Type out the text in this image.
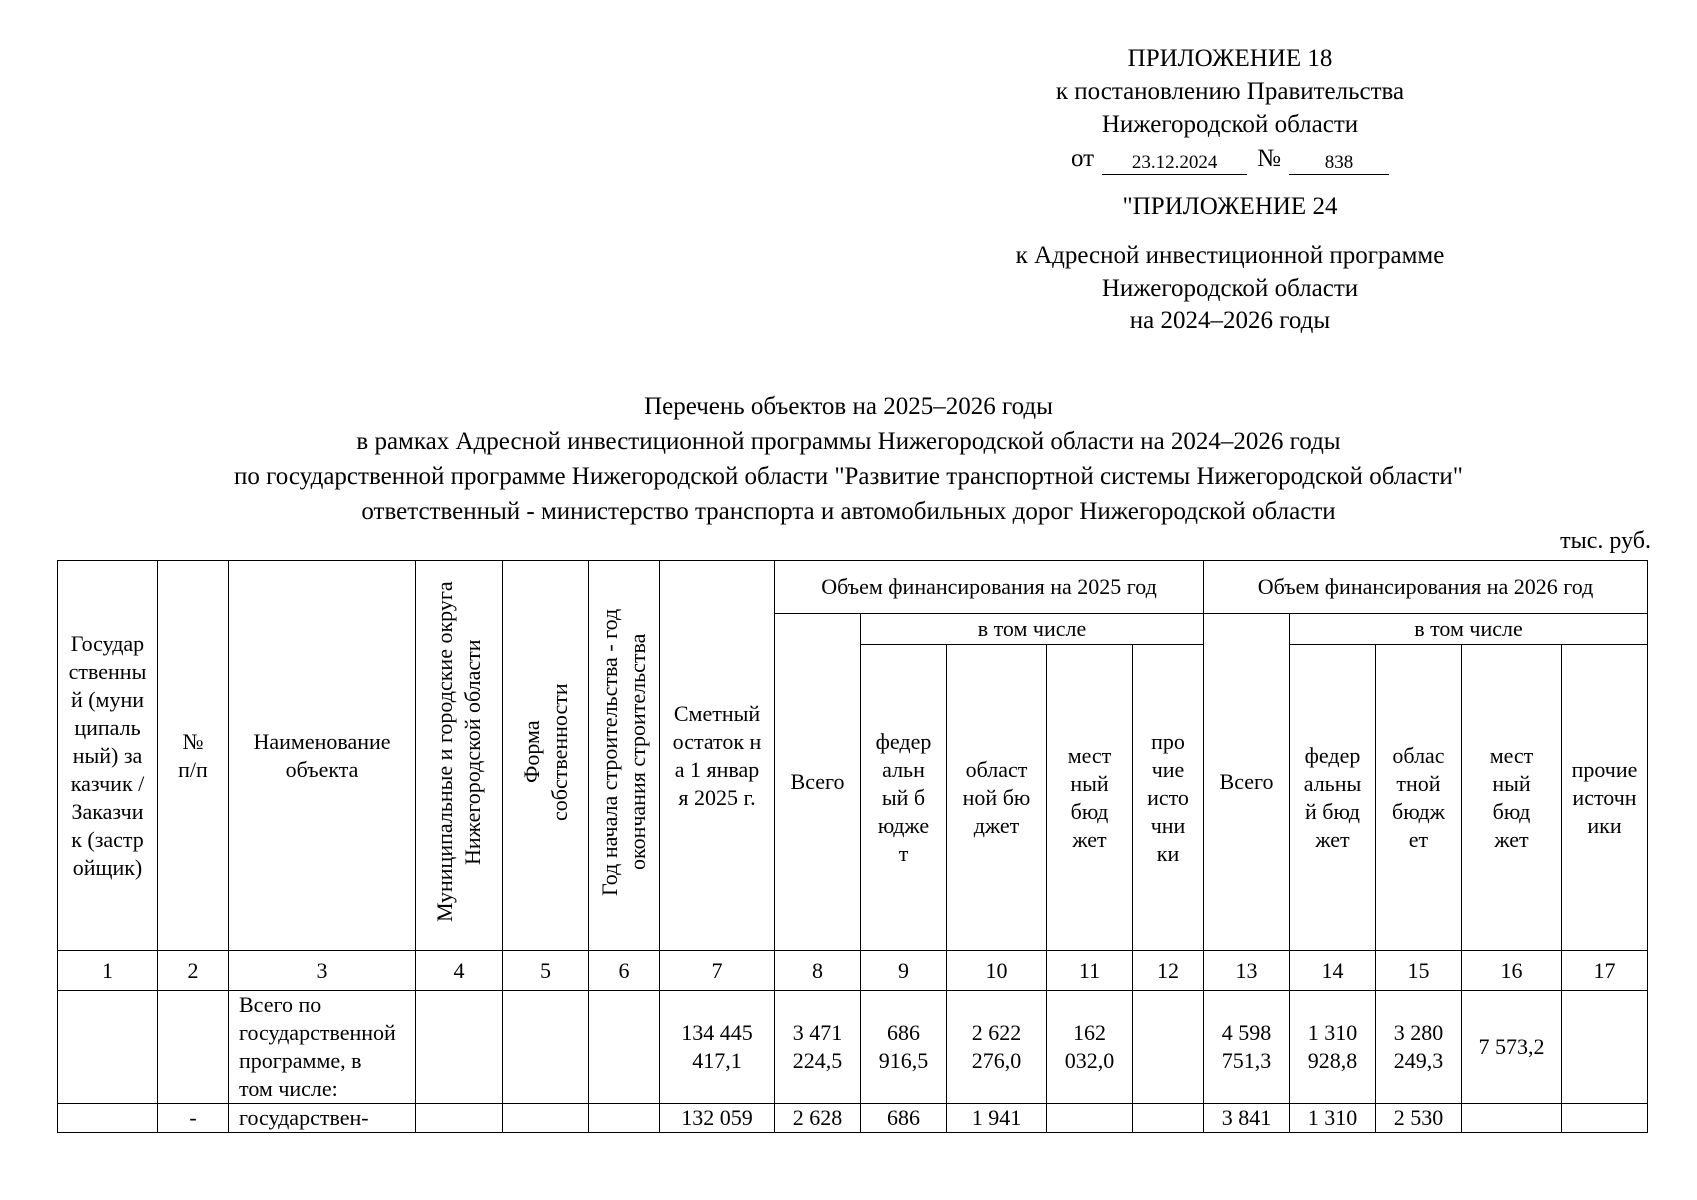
ПРИЛОЖЕНИЕ 18
к постановлению Правительства
Нижегородской области
от	23.12.2024	№	838
"ПРИЛОЖЕНИЕ 24
к Адресной инвестиционной программе
Нижегородской области
на 2024–2026 годы
Перечень объектов на 2025–2026 годы
в рамках Адресной инвестиционной программы Нижегородской области на 2024–2026 годы
по государственной программе Нижегородской области "Развитие транспортной системы Нижегородской области"
ответственный - министерство транспорта и автомобильных дорог Нижегородской области
тыс. руб.
Государственный (муниципальный) заказчик / Заказчик (застройщик)	№ п/п	Наименование объекта	Муниципальные и городские округа Нижегородской области	Форма собственности	Год начала строительства - год окончания строительства	Сметный остаток на 1 января 2025 г.	Объем финансирования на 2025 год					Объем финансирования на 2026 год				
							Всего	в том числе				Всего	в том числе			

								федеральный бюджет	областной бюджет	местный бюджет	прочие источники		федеральный бюджет	областной бюджет	местный бюджет	прочие источники

1	2	3	4	5	6	7	8	9	10	11	12	13	14	15	16	17

		Всего по государственной программе, в том числе:				134 445 417,1	3 471 224,5	686 916,5	2 622 276,0	162 032,0		4 598 751,3	1 310 928,8	3 280 249,3	7 573,2	
	-	государствен-				132 059	2 628	686	1 941			3 841	1 310	2 530		
